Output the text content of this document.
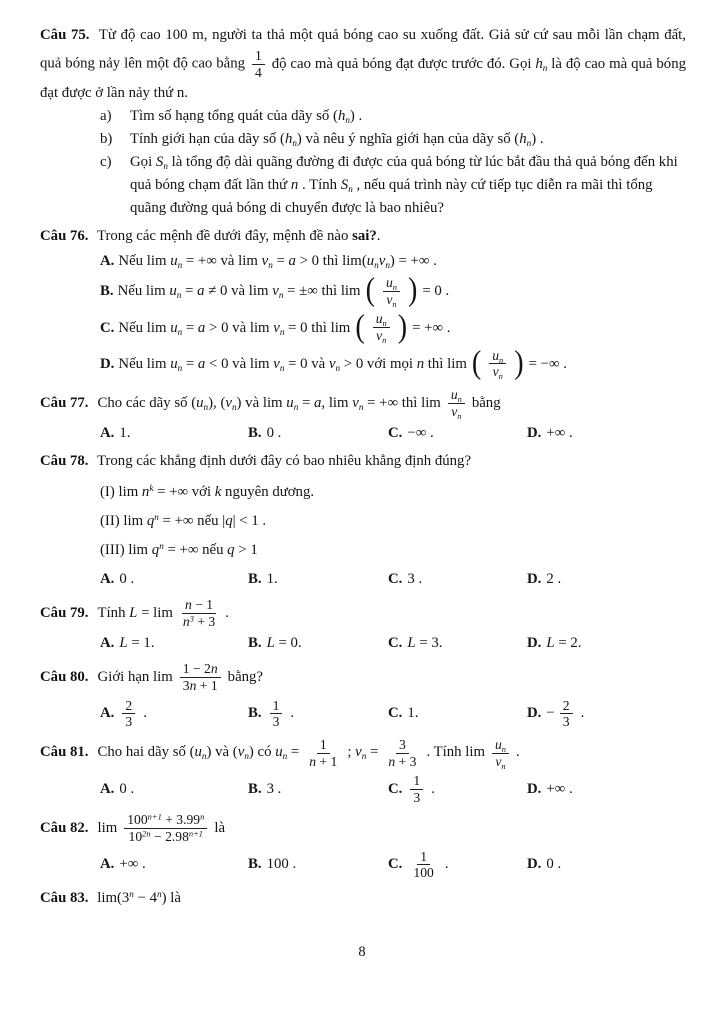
Câu 75. Từ độ cao 100 m, người ta thả một quả bóng cao su xuống đất. Giả sử cứ sau mỗi lần chạm đất, quả bóng nảy lên một độ cao bằng $\frac{1}{4}$ độ cao mà quả bóng đạt được trước đó. Gọi $h_n$ là độ cao mà quả bóng đạt được ở lần nảy thứ n.

a)	Tìm số hạng tổng quát của dãy số $(h_n)$ .
b)	Tính giới hạn của dãy số $(h_n)$ và nêu ý nghĩa giới hạn của dãy số $(h_n)$ .
c)	Gọi $S_n$ là tổng độ dài quãng đường đi được của quả bóng từ lúc bắt đầu thả quả bóng đến khi quả bóng chạm đất lần thứ n . Tính $S_n$ , nếu quá trình này cứ tiếp tục diễn ra mãi thì tổng quãng đường quả bóng di chuyển được là bao nhiêu?

Câu 76. Trong các mệnh đề dưới đây, mệnh đề nào sai?.

A. Nếu $\lim u_n$ = +∞ và $\lim v_n = a > 0$ thì $\lim(u_nv_n)$ = +∞ .
B. Nếu $\lim u_n = a \ne 0$ và $\lim v_n$ = ±∞ thì lim ( $\frac{u_n}{v_n}$ ) = 0 .
C. Nếu $\lim u_n = a > 0$ và $\lim v_n = 0$ thì lim ( $\frac{u_n}{v_n}$ ) = +∞ .
D. Nếu $\lim u_n = a < 0$ và $\lim v_n = 0$ và $v_n > 0$ với mọi n thì lim ( $\frac{u_n}{v_n}$ ) = −∞ .

Câu 77. Cho các dãy số $(u_n)$, $(v_n)$ và $\lim u_n = a$, $\lim v_n$ = +∞ thì $\lim \frac{u_n}{v_n}$ bằng

A. 1.	B. 0 .	C. −∞ .	D. +∞ .

Câu 78. Trong các khẳng định dưới đây có bao nhiêu khẳng định đúng?

(I) $\lim n^k$ = +∞ với k nguyên dương.
(II) $\lim q^n$ = +∞ nếu |q| < 1 .
(III) $\lim q^n$ = +∞ nếu q > 1
A. 0 .	B. 1.	C. 3 .	D. 2 .

Câu 79. Tính $L = \lim \frac{n - 1}{n^3 + 3}$ .

A. L = 1.	B. L = 0.	C. L = 3.	D. L = 2.

Câu 80. Giới hạn $\lim \frac{1 - 2n}{3n + 1}$ bằng?

A. $\frac{2}{3}$ .	B. $\frac{1}{3}$ .	C. 1.	D. − $\frac{2}{3}$ .

Câu 81. Cho hai dãy số $(u_n)$ và $(v_n)$ có $u_n = \frac{1}{n + 1}$ ; $v_n = \frac{3}{n + 3}$ . Tính $\lim \frac{u_n}{v_n}$ .

A. 0 .	B. 3 .	C. $\frac{1}{3}$ .	D. +∞ .

Câu 82. $\lim \frac{100^{n+1} + 3.99^n}{10^{2n} - 2.98^{n+1}}$ là

A. +∞ .	B. 100 .	C. $\frac{1}{100}$ .	D. 0 .

Câu 83. $\lim(3^n - 4^n)$ là

8
